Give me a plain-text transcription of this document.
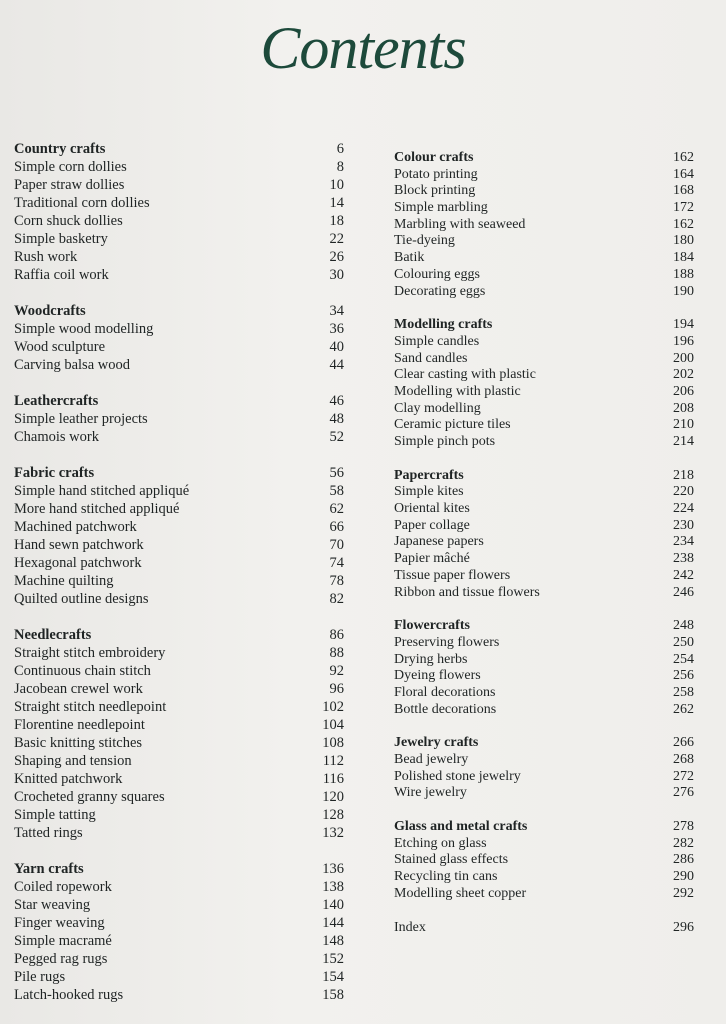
Contents
Country crafts	6
Simple corn dollies	8
Paper straw dollies	10
Traditional corn dollies	14
Corn shuck dollies	18
Simple basketry	22
Rush work	26
Raffia coil work	30
Woodcrafts	34
Simple wood modelling	36
Wood sculpture	40
Carving balsa wood	44
Leathercrafts	46
Simple leather projects	48
Chamois work	52
Fabric crafts	56
Simple hand stitched appliqué	58
More hand stitched appliqué	62
Machined patchwork	66
Hand sewn patchwork	70
Hexagonal patchwork	74
Machine quilting	78
Quilted outline designs	82
Needlecrafts	86
Straight stitch embroidery	88
Continuous chain stitch	92
Jacobean crewel work	96
Straight stitch needlepoint	102
Florentine needlepoint	104
Basic knitting stitches	108
Shaping and tension	112
Knitted patchwork	116
Crocheted granny squares	120
Simple tatting	128
Tatted rings	132
Yarn crafts	136
Coiled ropework	138
Star weaving	140
Finger weaving	144
Simple macramé	148
Pegged rag rugs	152
Pile rugs	154
Latch-hooked rugs	158
Colour crafts	162
Potato printing	164
Block printing	168
Simple marbling	172
Marbling with seaweed	162
Tie-dyeing	180
Batik	184
Colouring eggs	188
Decorating eggs	190
Modelling crafts	194
Simple candles	196
Sand candles	200
Clear casting with plastic	202
Modelling with plastic	206
Clay modelling	208
Ceramic picture tiles	210
Simple pinch pots	214
Papercrafts	218
Simple kites	220
Oriental kites	224
Paper collage	230
Japanese papers	234
Papier mâché	238
Tissue paper flowers	242
Ribbon and tissue flowers	246
Flowercrafts	248
Preserving flowers	250
Drying herbs	254
Dyeing flowers	256
Floral decorations	258
Bottle decorations	262
Jewelry crafts	266
Bead jewelry	268
Polished stone jewelry	272
Wire jewelry	276
Glass and metal crafts	278
Etching on glass	282
Stained glass effects	286
Recycling tin cans	290
Modelling sheet copper	292
Index	296
